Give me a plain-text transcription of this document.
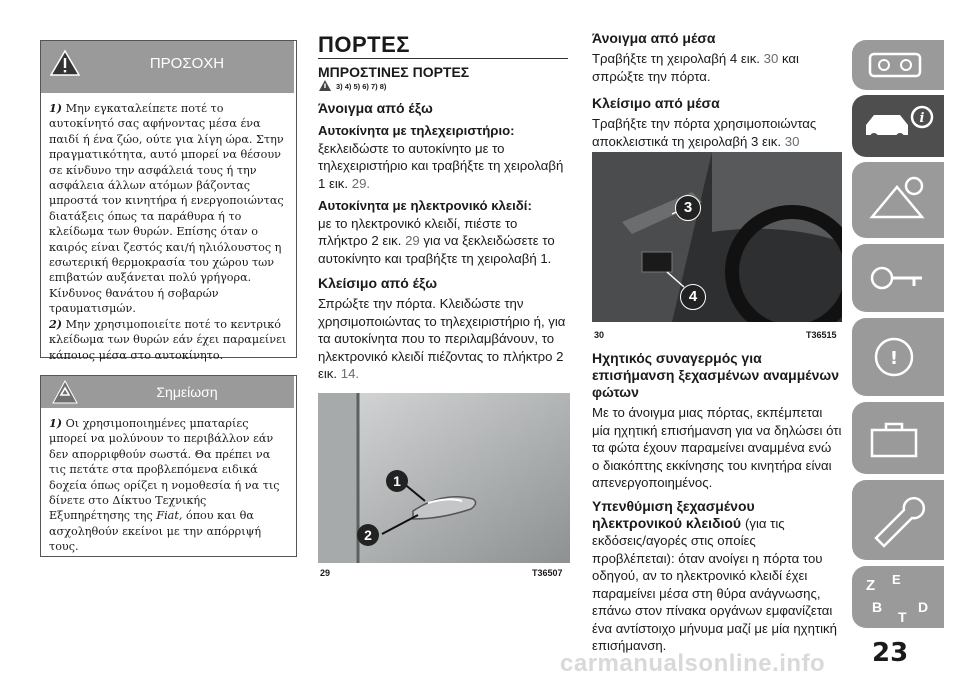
ΠΡΟΣΟΧΗ
1) Μην εγκαταλείπετε ποτέ το αυτοκίνητό σας αφήνοντας μέσα ένα παιδί ή ένα ζώο, ούτε για λίγη ώρα. Στην πραγματικότητα, αυτό μπορεί να θέσουν σε κίνδυνο την ασφάλειά τους ή την ασφάλεια άλλων ατόμων βάζοντας μπροστά τον κινητήρα ή ενεργοποιώντας διατάξεις όπως τα παράθυρα ή το κλείδωμα των θυρών. Επίσης όταν ο καιρός είναι ζεστός και/ή ηλιόλουστος η εσωτερική θερμοκρασία του χώρου των επιβατών αυξάνεται πολύ γρήγορα. Κίνδυνος θανάτου ή σοβαρών τραυματισμών.
2) Μην χρησιμοποιείτε ποτέ το κεντρικό κλείδωμα των θυρών εάν έχει παραμείνει κάποιος μέσα στο αυτοκίνητο.
Σημείωση
1) Οι χρησιμοποιημένες μπαταρίες μπορεί να μολύνουν το περιβάλλον εάν δεν απορριφθούν σωστά. Θα πρέπει να τις πετάτε στα προβλεπόμενα ειδικά δοχεία όπως ορίζει η νομοθεσία ή να τις δίνετε στο Δίκτυο Τεχνικής Εξυπηρέτησης της Fiat, όπου και θα ασχοληθούν εκείνοι με την απόρριψή τους.
ΠΟΡΤΕΣ
ΜΠΡΟΣΤΙΝΕΣ ΠΟΡΤΕΣ
3) 4) 5) 6) 7) 8)
Άνοιγμα από έξω
Αυτοκίνητα με τηλεχειριστήριο: ξεκλειδώστε το αυτοκίνητο με το τηλεχειριστήριο και τραβήξτε τη χειρολαβή 1 εικ. 29.
Αυτοκίνητα με ηλεκτρονικό κλειδί:
με το ηλεκτρονικό κλειδί, πιέστε το πλήκτρο 2 εικ. 29 για να ξεκλειδώσετε το αυτοκίνητο και τραβήξτε τη χειρολαβή 1.
Κλείσιμο από έξω
Σπρώξτε την πόρτα. Κλειδώστε την χρησιμοποιώντας το τηλεχειριστήριο ή, για τα αυτοκίνητα που το περιλαμβάνουν, το ηλεκτρονικό κλειδί πιέζοντας το πλήκτρο 2 εικ. 14.
1
2
29	T36507
Άνοιγμα από μέσα
Τραβήξτε τη χειρολαβή 4 εικ. 30 και σπρώξτε την πόρτα.
Κλείσιμο από μέσα
Τραβήξτε την πόρτα χρησιμοποιώντας αποκλειστικά τη χειρολαβή 3 εικ. 30
3
4
30	T36515
Ηχητικός συναγερμός για επισήμανση ξεχασμένων αναμμένων φώτων
Με το άνοιγμα μιας πόρτας, εκπέμπεται μία ηχητική επισήμανση για να δηλώσει ότι τα φώτα έχουν παραμείνει αναμμένα ενώ ο διακόπτης εκκίνησης του κινητήρα είναι απενεργοποιημένος.
Υπενθύμιση ξεχασμένου ηλεκτρονικού κλειδιού (για τις εκδόσεις/αγορές στις οποίες προβλέπεται): όταν ανοίγει η πόρτα του οδηγού, αν το ηλεκτρονικό κλειδί έχει παραμείνει μέσα στη θύρα ανάγνωσης, επάνω στον πίνακα οργάνων εμφανίζεται ένα αντίστοιχο μήνυμα μαζί με μία ηχητική επισήμανση.
i
!
Z E
B
T
D
23
carmanualsonline.info
